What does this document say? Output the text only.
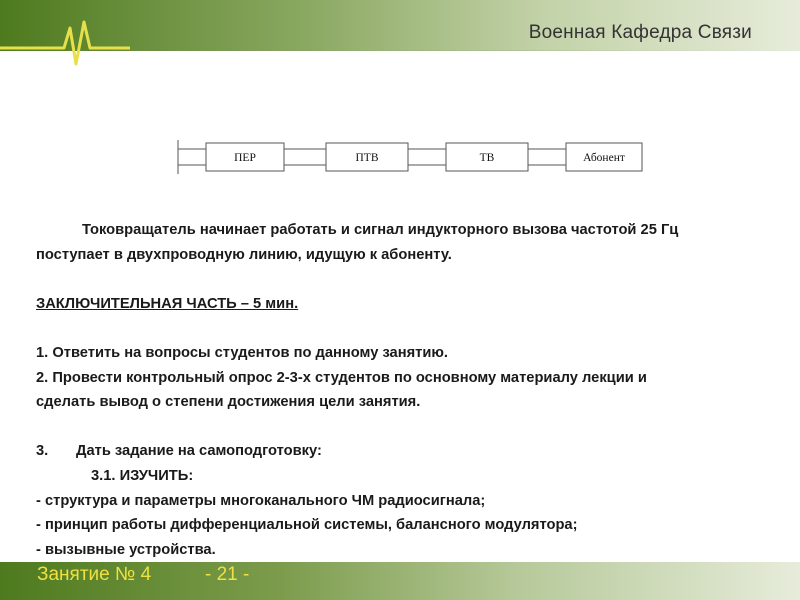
Военная Кафедра Связи
ПЕР	ПТВ	ТВ	Абонент

Токовращатель начинает работать и сигнал индукторного вызова частотой 25 Гц

поступает в двухпроводную линию, идущую к абоненту.

ЗАКЛЮЧИТЕЛЬНАЯ ЧАСТЬ – 5 мин.

1. Ответить на вопросы студентов по данному занятию.

2. Провести контрольный опрос 2-3-х студентов по основному материалу лекции и

сделать вывод о степени достижения цели занятия.

3. Дать задание на самоподготовку:

3.1. ИЗУЧИТЬ:

- структура и параметры многоканального ЧМ радиосигнала;

- принцип работы дифференциальной системы, балансного модулятора;

- вызывные устройства.

Занятие № 4	- 21 -
